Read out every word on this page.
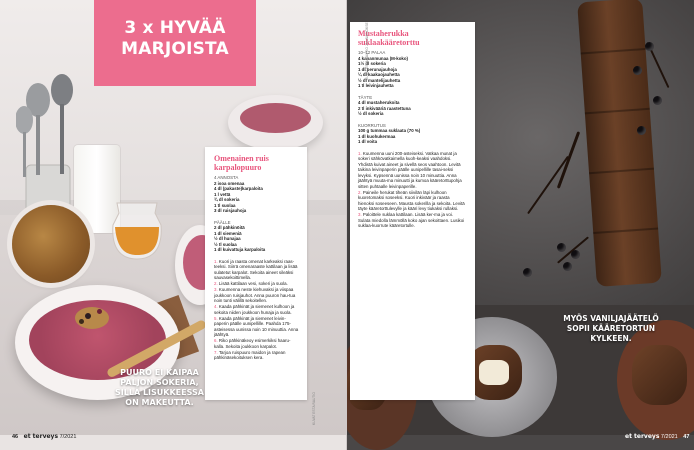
3 x HYVÄÄ
MARJOISTA
PUURO EI KAIPAA
PALJON SOKERIA,
SILLÄ LISUKKEESSA
ON MAKEUTTA.
Omenainen ruis
karpalopuuro

4 ANNOSTA

2 isoa omenaa

4 dl (pakaste)karpaloita

1 l vettä

¾ dl sokeria

1 tl suolaa

3 dl ruisjauhoja

PÄÄLLE

2 dl pähkinöitä

1 dl siemeniä

½ dl hunajaa

½ tl suolaa

1 dl kuivattuja karpaloita

1. Kuori ja raasta omenat karkeaksi raas-teeksi. Siirrä omenaraaste kattilaan ja lisää sulatetut karpalot. Sekoita aineet sileäksi sauvasekoittimella.

2. Lisää kattilaan vesi, sokeri ja suola.

3. Kuumenna neste kiehuvaksi ja viispaa joukkoon ruisjauhot. Anna puuron hau-tua noin tunti välillä sekoitellen.

4. Kaada pähkinät ja siemenet kulhoon ja sekoita niiden joukkoon hunaja ja suola.

5. Kaada pähkinät ja siemenet leivin-paperin päälle uunipellille. Paahda 175-asteisessa uunissa noin 10 minuuttia. Anna jäähtyä.

6. Riko pähkinäkeoy esimerkiksi haaru-kalla. Sekoita joukkoon karpalot.

7. Tarjoa ruispuuro maidon ja rapean pähkinäsekoituksen kera.

KUVAT ESTA RAUTIO
46 et terveys 7/2021
MYÖS VANILJAJÄÄTELÖ
SOPII KÄÄRETORTUN
KYLKEEN.
et terveys 7/2021 47
Mustaherukka
suklaakääretorttu

10–12 PALAA

4 kananmunaa (M-koko)

1½ dl sokeria

1 dl perunajauhoja

¼ dl kaakaojauhetta

½ dl mantelijauhetta

1 tl leivinjauhetta

TÄYTE

4 dl mustaherukoita

2 tl inkivääriä raastettuna

½ dl sokeria

KUORRUTUS

100 g tummaa suklaata (70 %)

1 dl kuohukermaa

1 dl voita

1. Kuumenna uuni 200-asteiseksi. Vatkaa munat ja sokeri sähkövatkaimella kuoh-keaksi vaahdoksi. Yhdistä kuivat aineet ja sivellä seos vaahtoon. Levitä taikina leivinpaperin päälle uunipellille tasai-seksi levyksi. Kypsennä uunissa noin 10 minuuttia. Anna jäähtyä muuta-ma minuutti ja kumoa kääretorttupohja sitten puhtaalle leivinpaperille.

2. Paineile herukat tiheän siivilän läpi kulhoon kuoretomaksi soseeksi. Kuori inkiväär ja raasta hienoksi soseeseen. Mausta sokerilla ja sekoita. Levitä täyte kääretorttulevylle ja kääri levy tiukaksi rullaksi.

3. Paloittele suklaa kattilaan. Lisää ker-ma ja voi. Sulata miedolla lämmöllä koko ajan sekoittaen. Lusikoi suklaa-kuorrute kääretortulle.

KUVAT ESTA RAUTIO JA LAMINOKSE
